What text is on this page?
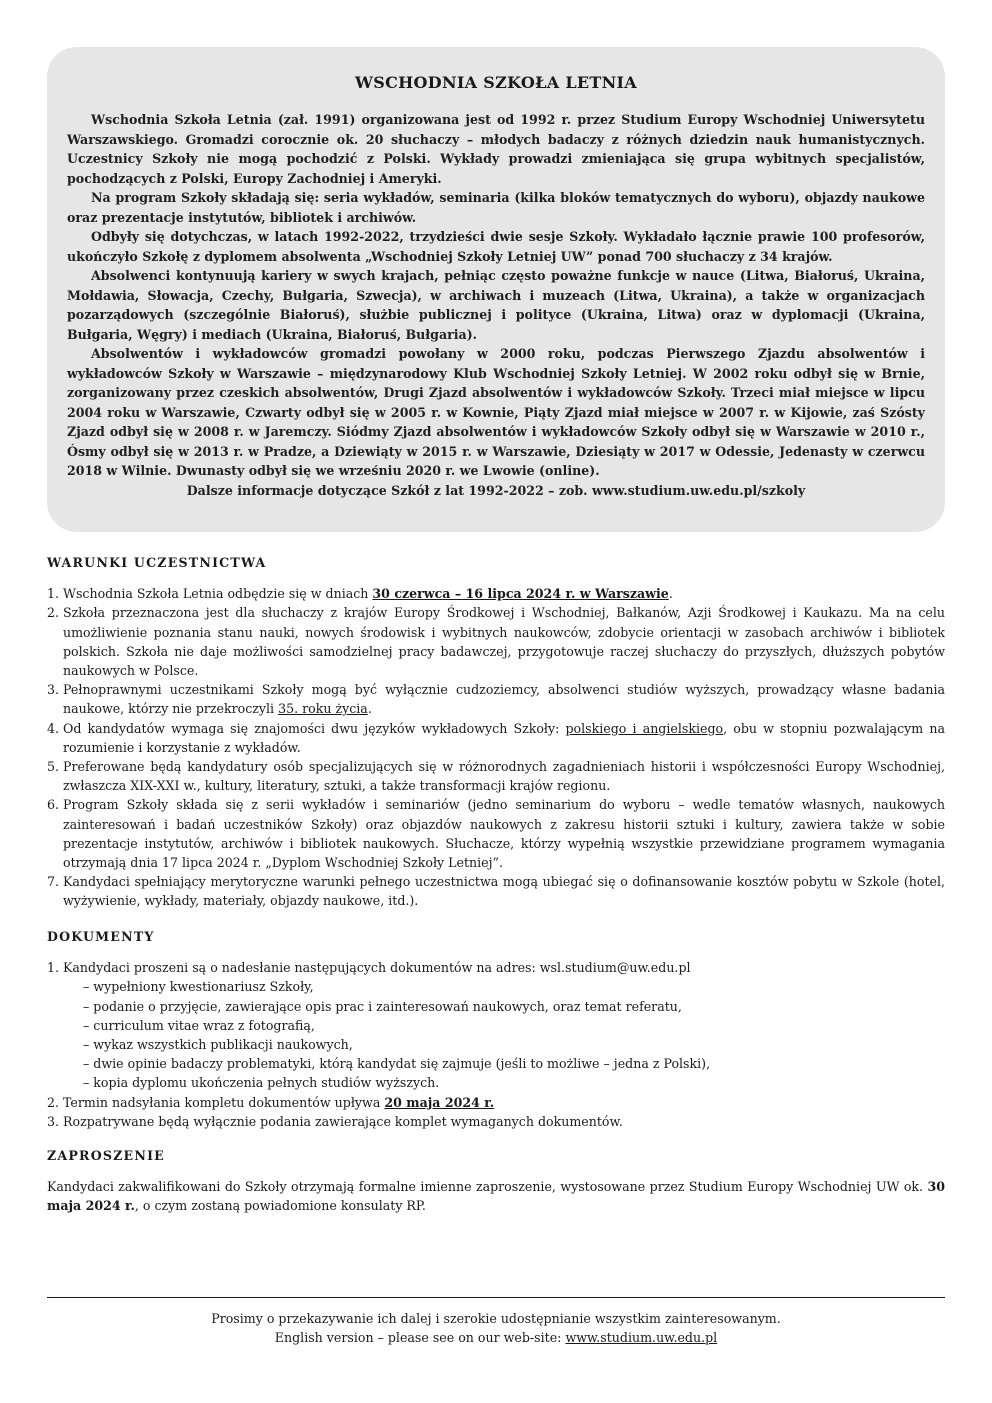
WSCHODNIA SZKOŁA LETNIA

Wschodnia Szkoła Letnia (zał. 1991) organizowana jest od 1992 r. przez Studium Europy Wschodniej Uniwersytetu Warszawskiego. Gromadzi corocznie ok. 20 słuchaczy – młodych badaczy z różnych dziedzin nauk humanistycznych. Uczestnicy Szkoły nie mogą pochodzić z Polski. Wykłady prowadzi zmieniająca się grupa wybitnych specjalistów, pochodzących z Polski, Europy Zachodniej i Ameryki.

Na program Szkoły składają się: seria wykładów, seminaria (kilka bloków tematycznych do wyboru), objazdy naukowe oraz prezentacje instytutów, bibliotek i archiwów.

Odbyły się dotychczas, w latach 1992-2022, trzydzieści dwie sesje Szkoły. Wykładało łącznie prawie 100 profesorów, ukończyło Szkołę z dyplomem absolwenta „Wschodniej Szkoły Letniej UW” ponad 700 słuchaczy z 34 krajów.

Absolwenci kontynuują kariery w swych krajach, pełniąc często poważne funkcje w nauce (Litwa, Białoruś, Ukraina, Mołdawia, Słowacja, Czechy, Bułgaria, Szwecja), w archiwach i muzeach (Litwa, Ukraina), a także w organizacjach pozarządowych (szczególnie Białoruś), służbie publicznej i polityce (Ukraina, Litwa) oraz w dyplomacji (Ukraina, Bułgaria, Węgry) i mediach (Ukraina, Białoruś, Bułgaria).

Absolwentów i wykładowców gromadzi powołany w 2000 roku, podczas Pierwszego Zjazdu absolwentów i wykładowców Szkoły w Warszawie – międzynarodowy Klub Wschodniej Szkoły Letniej. W 2002 roku odbył się w Brnie, zorganizowany przez czeskich absolwentów, Drugi Zjazd absolwentów i wykładowców Szkoły. Trzeci miał miejsce w lipcu 2004 roku w Warszawie, Czwarty odbył się w 2005 r. w Kownie, Piąty Zjazd miał miejsce w 2007 r. w Kijowie, zaś Szósty Zjazd odbył się w 2008 r. w Jaremczy. Siódmy Zjazd absolwentów i wykładowców Szkoły odbył się w Warszawie w 2010 r., Ósmy odbył się w 2013 r. w Pradze, a Dziewiąty w 2015 r. w Warszawie, Dziesiąty w 2017 w Odessie, Jedenasty w czerwcu 2018 w Wilnie. Dwunasty odbył się we wrześniu 2020 r. we Lwowie (online).

Dalsze informacje dotyczące Szkół z lat 1992-2022 – zob. www.studium.uw.edu.pl/szkoly

WARUNKI UCZESTNICTWA
1. Wschodnia Szkoła Letnia odbędzie się w dniach 30 czerwca – 16 lipca 2024 r. w Warszawie.
2. Szkoła przeznaczona jest dla słuchaczy z krajów Europy Środkowej i Wschodniej, Bałkanów, Azji Środkowej i Kaukazu. Ma na celu umożliwienie poznania stanu nauki, nowych środowisk i wybitnych naukowców, zdobycie orientacji w zasobach archiwów i bibliotek polskich. Szkoła nie daje możliwości samodzielnej pracy badawczej, przygotowuje raczej słuchaczy do przyszłych, dłuższych pobytów naukowych w Polsce.
3. Pełnoprawnymi uczestnikami Szkoły mogą być wyłącznie cudzoziemcy, absolwenci studiów wyższych, prowadzący własne badania naukowe, którzy nie przekroczyli 35. roku życia.
4. Od kandydatów wymaga się znajomości dwu języków wykładowych Szkoły: polskiego i angielskiego, obu w stopniu pozwalającym na rozumienie i korzystanie z wykładów.
5. Preferowane będą kandydatury osób specjalizujących się w różnorodnych zagadnieniach historii i współczesności Europy Wschodniej, zwłaszcza XIX-XXI w., kultury, literatury, sztuki, a także transformacji krajów regionu.
6. Program Szkoły składa się z serii wykładów i seminariów (jedno seminarium do wyboru – wedle tematów własnych, naukowych zainteresowań i badań uczestników Szkoły) oraz objazdów naukowych z zakresu historii sztuki i kultury, zawiera także w sobie prezentacje instytutów, archiwów i bibliotek naukowych. Słuchacze, którzy wypełnią wszystkie przewidziane programem wymagania otrzymają dnia 17 lipca 2024 r. „Dyplom Wschodniej Szkoły Letniej”.
7. Kandydaci spełniający merytoryczne warunki pełnego uczestnictwa mogą ubiegać się o dofinansowanie kosztów pobytu w Szkole (hotel, wyżywienie, wykłady, materiały, objazdy naukowe, itd.).
DOKUMENTY
1. Kandydaci proszeni są o nadesłanie następujących dokumentów na adres: wsl.studium@uw.edu.pl
– wypełniony kwestionariusz Szkoły,
– podanie o przyjęcie, zawierające opis prac i zainteresowań naukowych, oraz temat referatu,
– curriculum vitae wraz z fotografią,
– wykaz wszystkich publikacji naukowych,
– dwie opinie badaczy problematyki, którą kandydat się zajmuje (jeśli to możliwe – jedna z Polski),
– kopia dyplomu ukończenia pełnych studiów wyższych.
2. Termin nadsyłania kompletu dokumentów upływa 20 maja 2024 r.
3. Rozpatrywane będą wyłącznie podania zawierające komplet wymaganych dokumentów.
ZAPROSZENIE

Kandydaci zakwalifikowani do Szkoły otrzymają formalne imienne zaproszenie, wystosowane przez Studium Europy Wschodniej UW ok. 30 maja 2024 r., o czym zostaną powiadomione konsulaty RP.

Prosimy o przekazywanie ich dalej i szerokie udostępnianie wszystkim zainteresowanym.
English version – please see on our web-site: www.studium.uw.edu.pl
